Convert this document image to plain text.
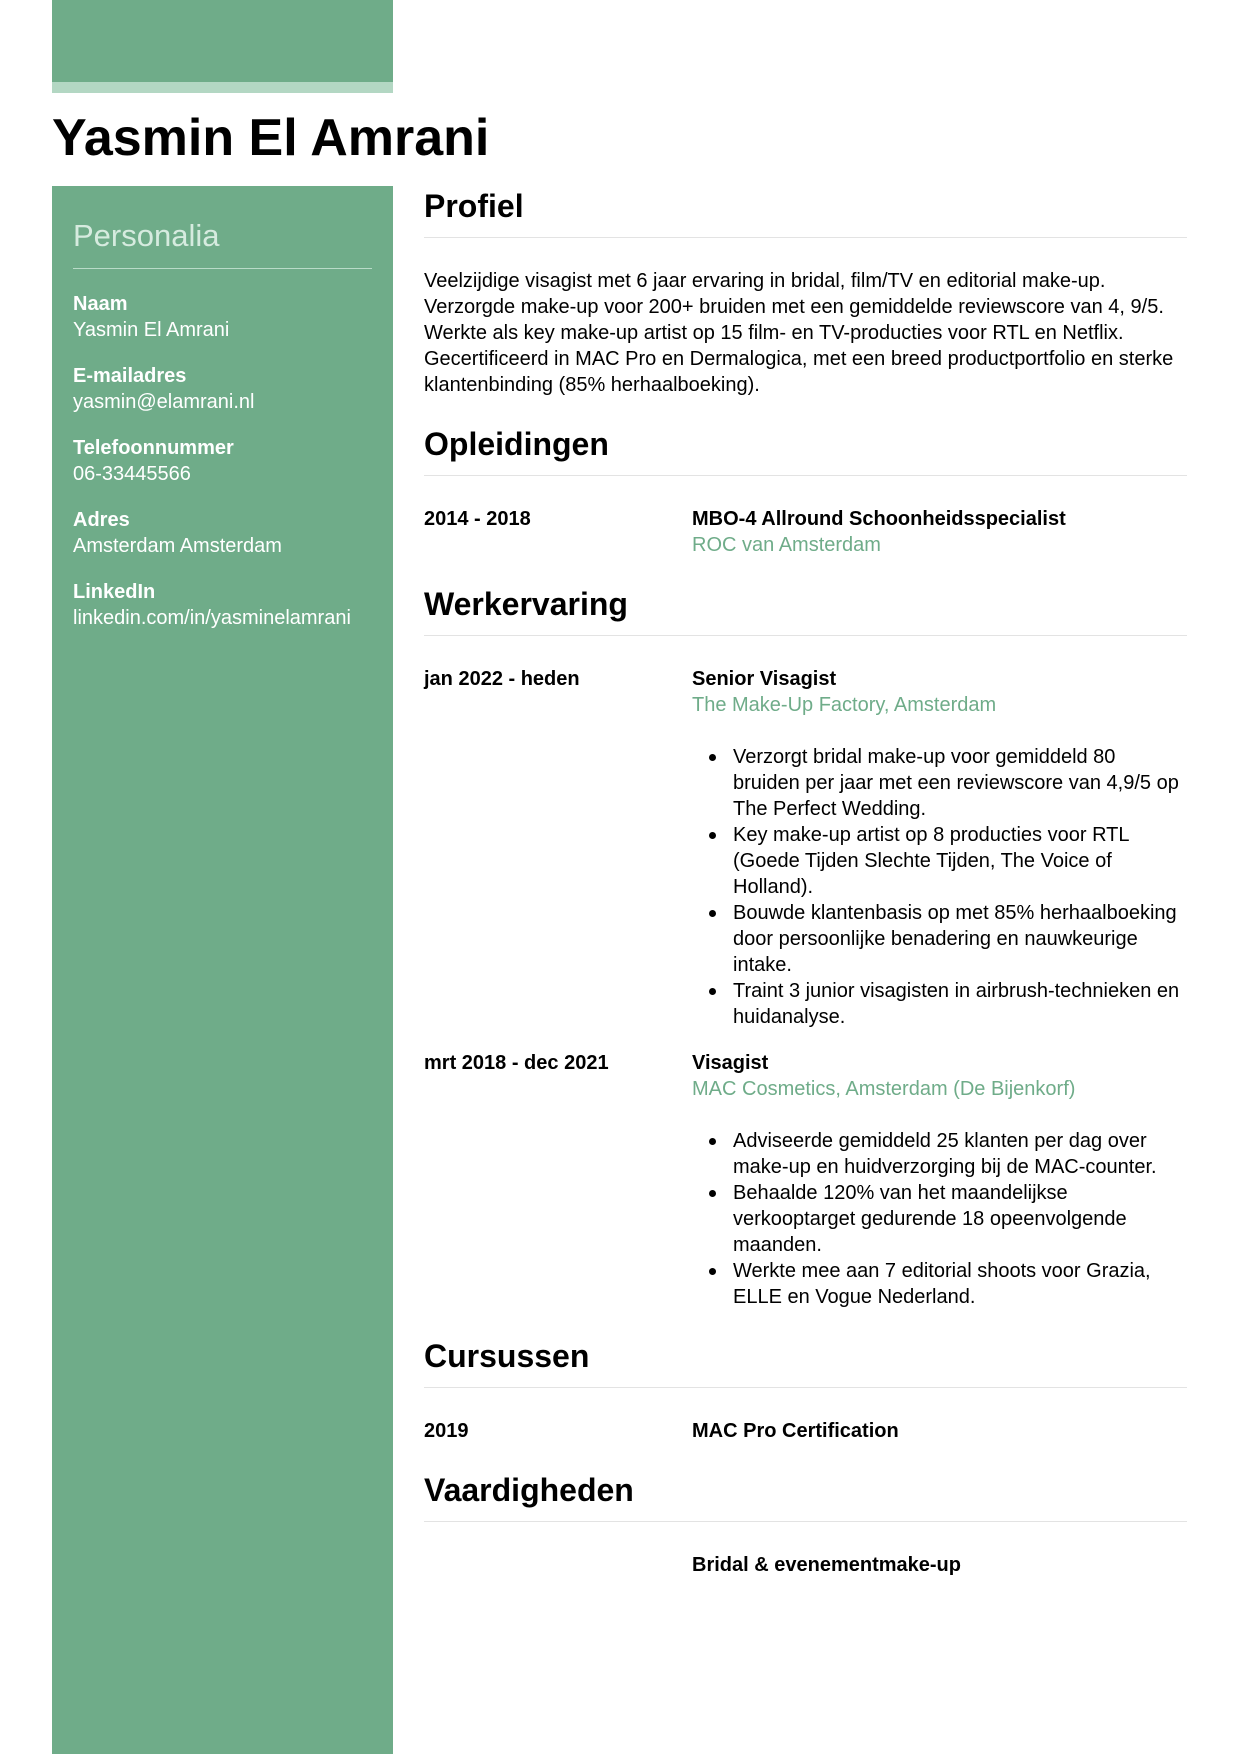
Yasmin El Amrani
Personalia
Naam
Yasmin El Amrani
E-mailadres
yasmin@elamrani.nl
Telefoonnummer
06-33445566
Adres
Amsterdam Amsterdam
LinkedIn
linkedin.com/in/yasminelamrani
Profiel

Veelzijdige visagist met 6 jaar ervaring in bridal, film/TV en editorial make-up. Verzorgde make-up voor 200+ bruiden met een gemiddelde reviewscore van 4, 9/5. Werkte als key make-up artist op 15 film- en TV-producties voor RTL en Netflix. Gecertificeerd in MAC Pro en Dermalogica, met een breed productportfolio en sterke klantenbinding (85% herhaalboeking).

Opleidingen
2014 - 2018	MBO-4 Allround Schoonheidsspecialist
ROC van Amsterdam
Werkervaring
jan 2022 - heden	Senior Visagist
The Make-Up Factory, Amsterdam
Verzorgt bridal make-up voor gemiddeld 80 bruiden per jaar met een reviewscore van 4,9/5 op The Perfect Wedding.
Key make-up artist op 8 producties voor RTL (Goede Tijden Slechte Tijden, The Voice of Holland).
Bouwde klantenbasis op met 85% herhaalboeking door persoonlijke benadering en nauwkeurige intake.
Traint 3 junior visagisten in airbrush-technieken en huidanalyse.
mrt 2018 - dec 2021	Visagist
MAC Cosmetics, Amsterdam (De Bijenkorf)
Adviseerde gemiddeld 25 klanten per dag over make-up en huidverzorging bij de MAC-counter.
Behaalde 120% van het maandelijkse verkooptarget gedurende 18 opeenvolgende maanden.
Werkte mee aan 7 editorial shoots voor Grazia, ELLE en Vogue Nederland.
Cursussen
2019	MAC Pro Certification
Vaardigheden
Bridal & evenementmake-up
